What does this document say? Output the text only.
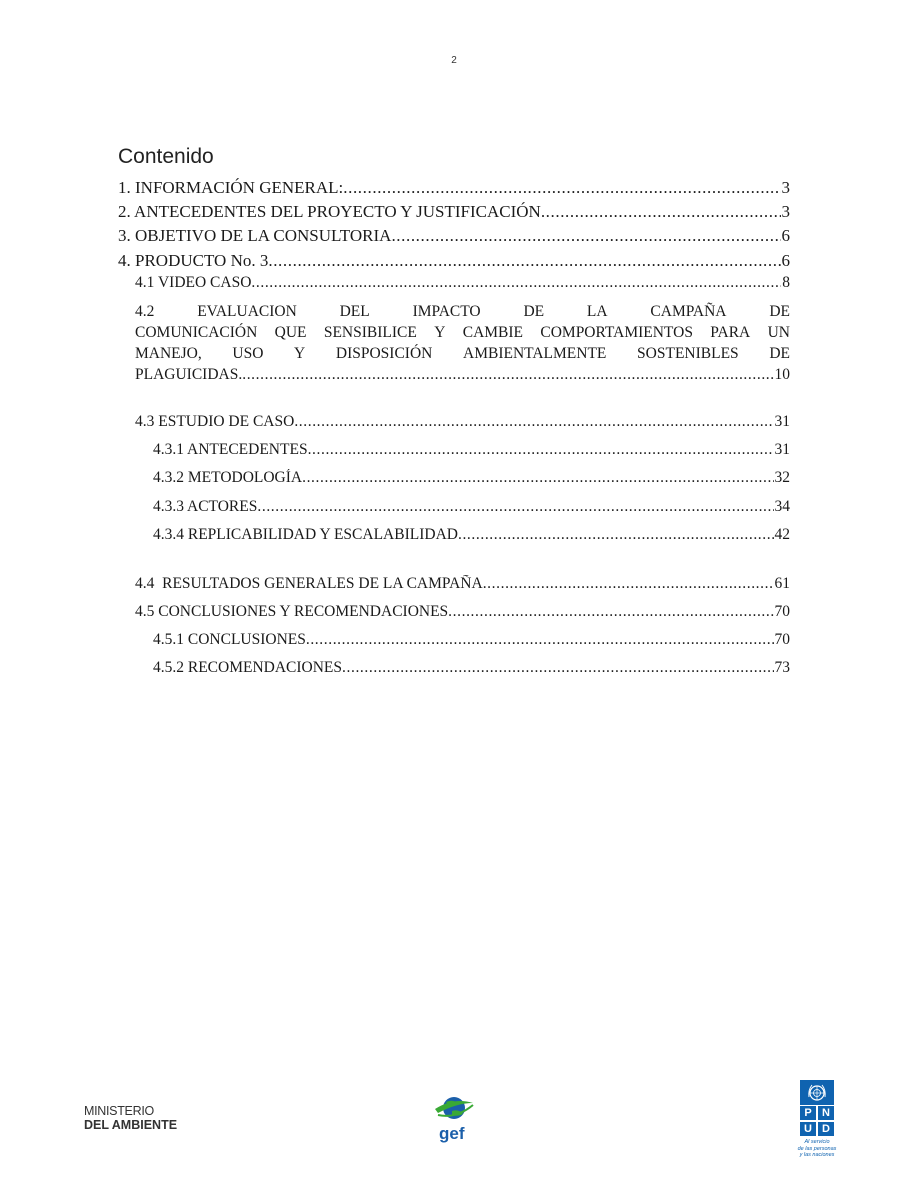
2
Contenido
1. INFORMACIÓN GENERAL: .....	3
2. ANTECEDENTES DEL PROYECTO Y JUSTIFICACIÓN .....	3
3. OBJETIVO DE LA CONSULTORIA .....	6
4. PRODUCTO No. 3 .....	6
4.1 VIDEO CASO .....	8
4.2	EVALUACION	DEL	IMPACTO	DE	LA	CAMPAÑA	DE
COMUNICACIÓN QUE SENSIBILICE Y CAMBIE COMPORTAMIENTOS PARA UN
MANEJO, USO Y DISPOSICIÓN AMBIENTALMENTE SOSTENIBLES DE
PLAGUICIDAS. .....	10
4.3 ESTUDIO DE CASO .....	31
4.3.1 ANTECEDENTES .....	31
4.3.2 METODOLOGÍA .....	32
4.3.3 ACTORES .....	34
4.3.4 REPLICABILIDAD Y ESCALABILIDAD .....	42
4.4  RESULTADOS GENERALES DE LA CAMPAÑA .....	61
4.5 CONCLUSIONES Y RECOMENDACIONES .....	70
4.5.1 CONCLUSIONES .....	70
4.5.2 RECOMENDACIONES .....	73
MINISTERIO
DEL AMBIENTE	gef
P N
U D
Al servicio
de las personas
y las naciones
